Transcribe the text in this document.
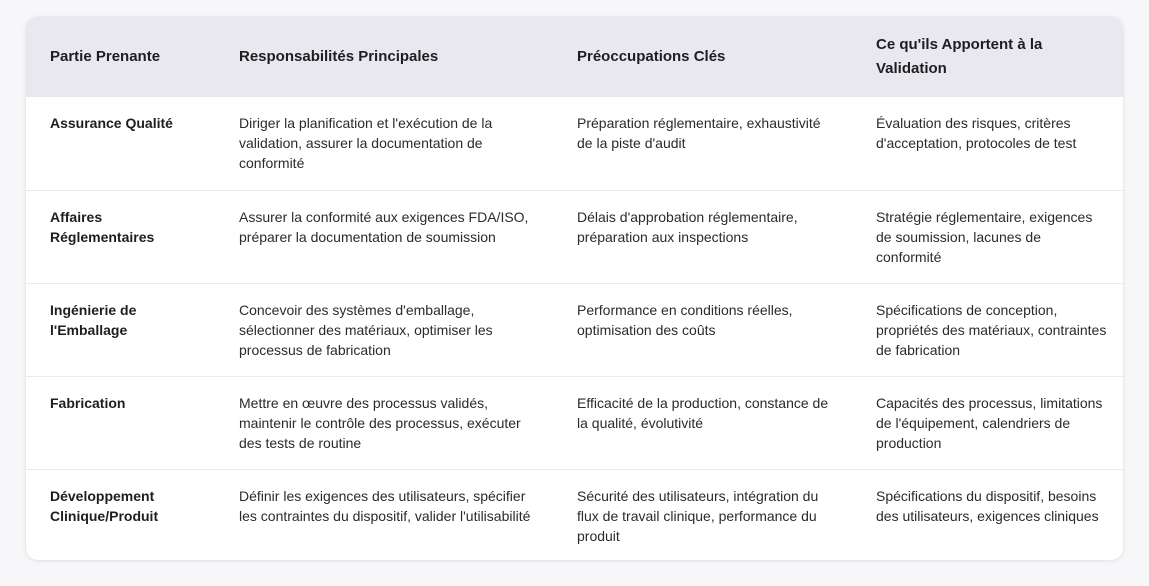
Partie Prenante	Responsabilités Principales	Préoccupations Clés	Ce qu'ils Apportent à la Validation
Assurance Qualité	Diriger la planification et l'exécution de la validation, assurer la documentation de conformité	Préparation réglementaire, exhaustivité de la piste d'audit	Évaluation des risques, critères d'acceptation, protocoles de test
Affaires Réglementaires	Assurer la conformité aux exigences FDA/ISO, préparer la documentation de soumission	Délais d'approbation réglementaire, préparation aux inspections	Stratégie réglementaire, exigences de soumission, lacunes de conformité
Ingénierie de l'Emballage	Concevoir des systèmes d'emballage, sélectionner des matériaux, optimiser les processus de fabrication	Performance en conditions réelles, optimisation des coûts	Spécifications de conception, propriétés des matériaux, contraintes de fabrication
Fabrication	Mettre en œuvre des processus validés, maintenir le contrôle des processus, exécuter des tests de routine	Efficacité de la production, constance de la qualité, évolutivité	Capacités des processus, limitations de l'équipement, calendriers de production
Développement Clinique/Produit	Définir les exigences des utilisateurs, spécifier les contraintes du dispositif, valider l'utilisabilité	Sécurité des utilisateurs, intégration du flux de travail clinique, performance du produit	Spécifications du dispositif, besoins des utilisateurs, exigences cliniques
